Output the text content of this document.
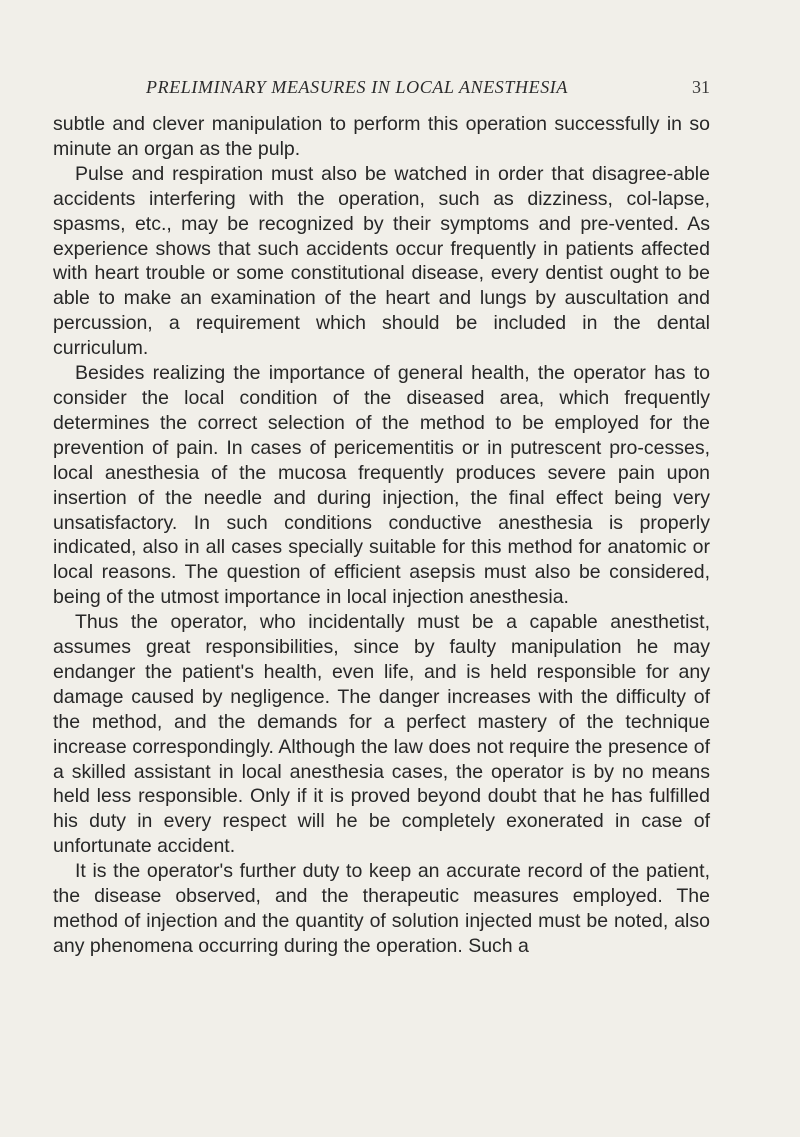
PRELIMINARY MEASURES IN LOCAL ANESTHESIA	31

subtle and clever manipulation to perform this operation successfully in so minute an organ as the pulp.

Pulse and respiration must also be watched in order that disagree-able accidents interfering with the operation, such as dizziness, col-lapse, spasms, etc., may be recognized by their symptoms and pre-vented. As experience shows that such accidents occur frequently in patients affected with heart trouble or some constitutional disease, every dentist ought to be able to make an examination of the heart and lungs by auscultation and percussion, a requirement which should be included in the dental curriculum.

Besides realizing the importance of general health, the operator has to consider the local condition of the diseased area, which frequently determines the correct selection of the method to be employed for the prevention of pain. In cases of pericementitis or in putrescent pro-cesses, local anesthesia of the mucosa frequently produces severe pain upon insertion of the needle and during injection, the final effect being very unsatisfactory. In such conditions conductive anesthesia is properly indicated, also in all cases specially suitable for this method for anatomic or local reasons. The question of efficient asepsis must also be considered, being of the utmost importance in local injection anesthesia.

Thus the operator, who incidentally must be a capable anesthetist, assumes great responsibilities, since by faulty manipulation he may endanger the patient's health, even life, and is held responsible for any damage caused by negligence. The danger increases with the difficulty of the method, and the demands for a perfect mastery of the technique increase correspondingly. Although the law does not require the presence of a skilled assistant in local anesthesia cases, the operator is by no means held less responsible. Only if it is proved beyond doubt that he has fulfilled his duty in every respect will he be completely exonerated in case of unfortunate accident.

It is the operator's further duty to keep an accurate record of the patient, the disease observed, and the therapeutic measures employed. The method of injection and the quantity of solution injected must be noted, also any phenomena occurring during the operation. Such a
